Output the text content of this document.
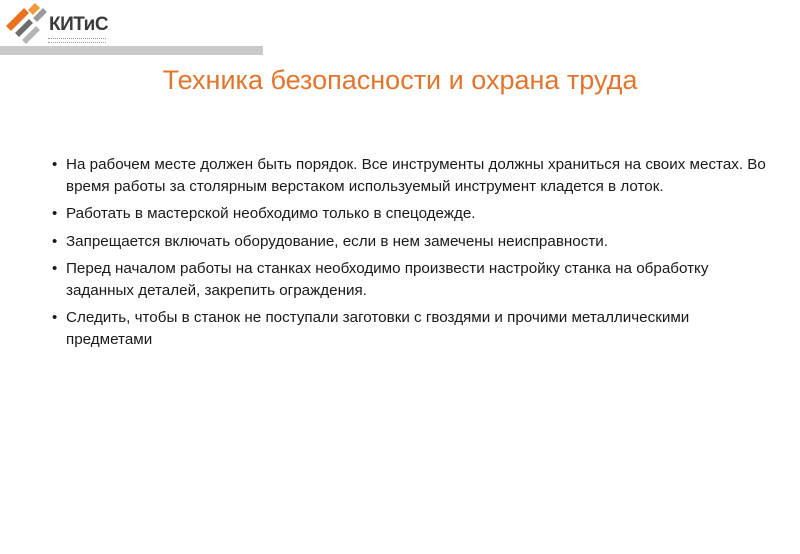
КИТиС
Техника безопасности и охрана труда
• На рабочем месте должен быть порядок. Все инструменты должны храниться на своих местах. Во время работы за столярным верстаком используемый инструмент кладется в лоток.
• Работать в мастерской необходимо только в спецодежде.
• Запрещается включать оборудование, если в нем замечены неисправности.
• Перед началом работы на станках необходимо произвести настройку станка на обработку заданных деталей, закрепить ограждения.
• Следить, чтобы в станок не поступали заготовки с гвоздями и прочими металлическими предметами
